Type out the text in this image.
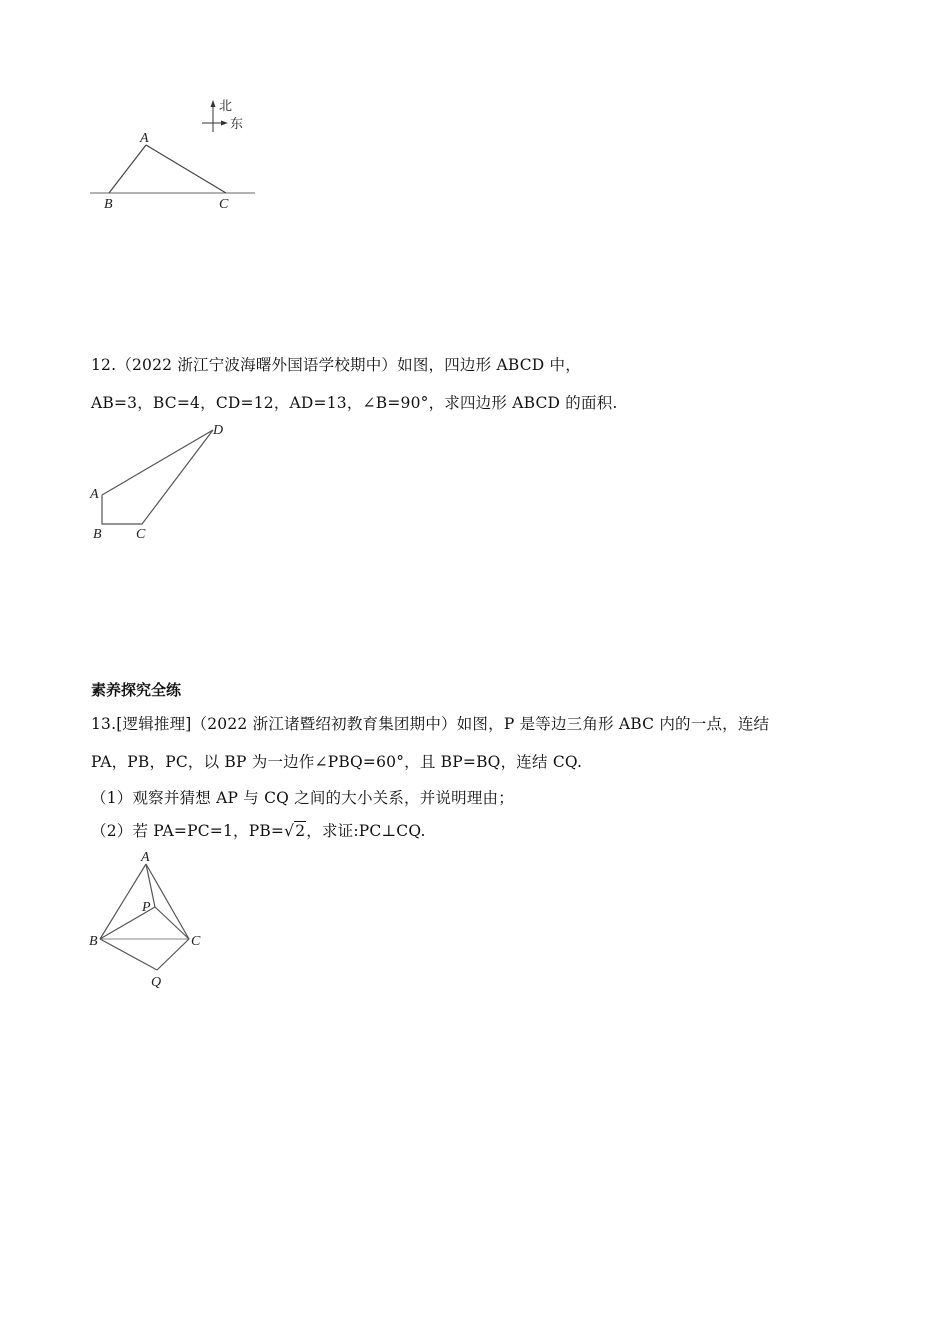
A
B	C
北
东
12.（2022 浙江宁波海曙外国语学校期中）如图，四边形 ABCD 中，
AB=3，BC=4，CD=12，AD=13，∠B=90°，求四边形 ABCD 的面积.
A
B C
D
素养探究全练
13.[逻辑推理]（2022 浙江诸暨绍初教育集团期中）如图，P 是等边三角形 ABC 内的一点，连结
PA，PB，PC，以 BP 为一边作∠PBQ=60°，且 BP=BQ，连结 CQ.
（1）观察并猜想 AP 与 CQ 之间的大小关系，并说明理由；
（2）若 PA=PC=1，PB=√2，求证:PC⊥CQ.
A
P
B	C
Q
